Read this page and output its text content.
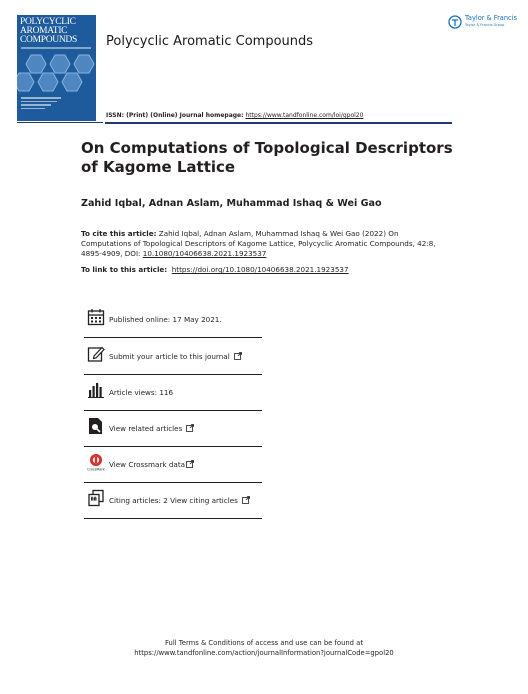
POLYCYCLIC
AROMATIC
COMPOUNDS	Polycyclic Aromatic Compounds
Taylor & Francis
Taylor & Francis Group
ISSN: (Print) (Online) Journal homepage: https://www.tandfonline.com/loi/gpol20
On Computations of Topological Descriptors of Kagome Lattice
Zahid Iqbal, Adnan Aslam, Muhammad Ishaq & Wei Gao
To cite this article: Zahid Iqbal, Adnan Aslam, Muhammad Ishaq & Wei Gao (2022) On Computations of Topological Descriptors of Kagome Lattice, Polycyclic Aromatic Compounds, 42:8, 4895-4909, DOI: 10.1080/10406638.2021.1923537
To link to this article: https://doi.org/10.1080/10406638.2021.1923537
Published online: 17 May 2021.
Submit your article to this journal
Article views: 116
View related articles
CrossMark
View Crossmark data
Citing articles: 2 View citing articles
Full Terms & Conditions of access and use can be found at
https://www.tandfonline.com/action/journalInformation?journalCode=gpol20
